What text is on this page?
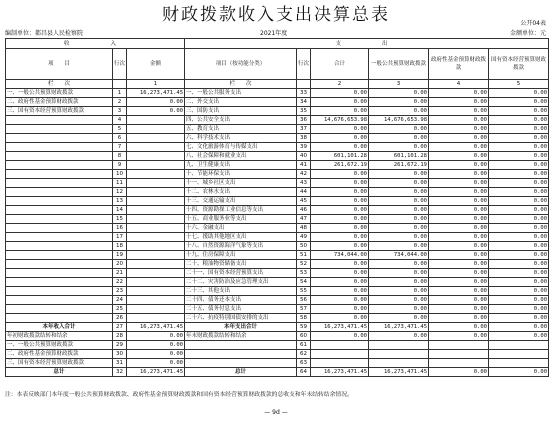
财政拨款收入支出决算总表	公开04表
编制单位：都昌县人民检察院	2021年度	金额单位：元
收　　入			支　　出					
项　　目	行次	金额	项目（按功能分类）	行次	合计	一般公共预算财政拨款	政府性基金预算财政拨款	国有资本经营预算财政拨款
栏　　次		1	栏　　次		2	3	4	5
一、一般公共预算财政拨款	1	16,273,471.45	一、一般公共服务支出	33	0.00	0.00	0.00	0.00
二、政府性基金预算财政拨款	2	0.00	二、外交支出	34	0.00	0.00	0.00	0.00
三、国有资本经营预算财政拨款	3	0.00	三、国防支出	35	0.00	0.00	0.00	0.00
	4		四、公共安全支出	36	14,676,653.98	14,676,653.98	0.00	0.00
	5		五、教育支出	37	0.00	0.00	0.00	0.00
	6		六、科学技术支出	38	0.00	0.00	0.00	0.00
	7		七、文化旅游体育与传媒支出	39	0.00	0.00	0.00	0.00
	8		八、社会保障和就业支出	40	601,101.28	601,101.28	0.00	0.00
	9		九、卫生健康支出	41	261,672.19	261,672.19	0.00	0.00
	10		十、节能环保支出	42	0.00	0.00	0.00	0.00
	11		十一、城乡社区支出	43	0.00	0.00	0.00	0.00
	12		十二、农林水支出	44	0.00	0.00	0.00	0.00
	13		十三、交通运输支出	45	0.00	0.00	0.00	0.00
	14		十四、资源勘探工业信息等支出	46	0.00	0.00	0.00	0.00
	15		十五、商业服务业等支出	47	0.00	0.00	0.00	0.00
	16		十六、金融支出	48	0.00	0.00	0.00	0.00
	17		十七、援助其他地区支出	49	0.00	0.00	0.00	0.00
	18		十八、自然资源海洋气象等支出	50	0.00	0.00	0.00	0.00
	19		十九、住房保障支出	51	734,044.00	734,044.00	0.00	0.00
	20		二十、粮油物资储备支出	52	0.00	0.00	0.00	0.00
	21		二十一、国有资本经营预算支出	53	0.00	0.00	0.00	0.00
	22		二十二、灾害防治及应急管理支出	54	0.00	0.00	0.00	0.00
	23		二十三、其他支出	55	0.00	0.00	0.00	0.00
	24		二十四、债务还本支出	56	0.00	0.00	0.00	0.00
	25		二十五、债务付息支出	57	0.00	0.00	0.00	0.00
	26		二十六、抗疫特别国债安排的支出	58	0.00	0.00	0.00	0.00
本年收入合计	27	16,273,471.45	本年支出合计	59	16,273,471.45	16,273,471.45	0.00	0.00
年初财政拨款结转和结余	28	0.00	年末财政拨款结转和结余	60	0.00	0.00	0.00	0.00
一、一般公共预算财政拨款	29	0.00		61				
二、政府性基金预算财政拨款	30	0.00		62				
三、国有资本经营预算财政拨款	31	0.00		63				
总计	32	16,273,471.45	总计	64	16,273,471.45	16,273,471.45	0.00	0.00
注：本表反映部门本年度一般公共预算财政拨款、政府性基金预算财政拨款和国有资本经营预算财政拨款的总收支和年末结转结余情况。
— 9d —
